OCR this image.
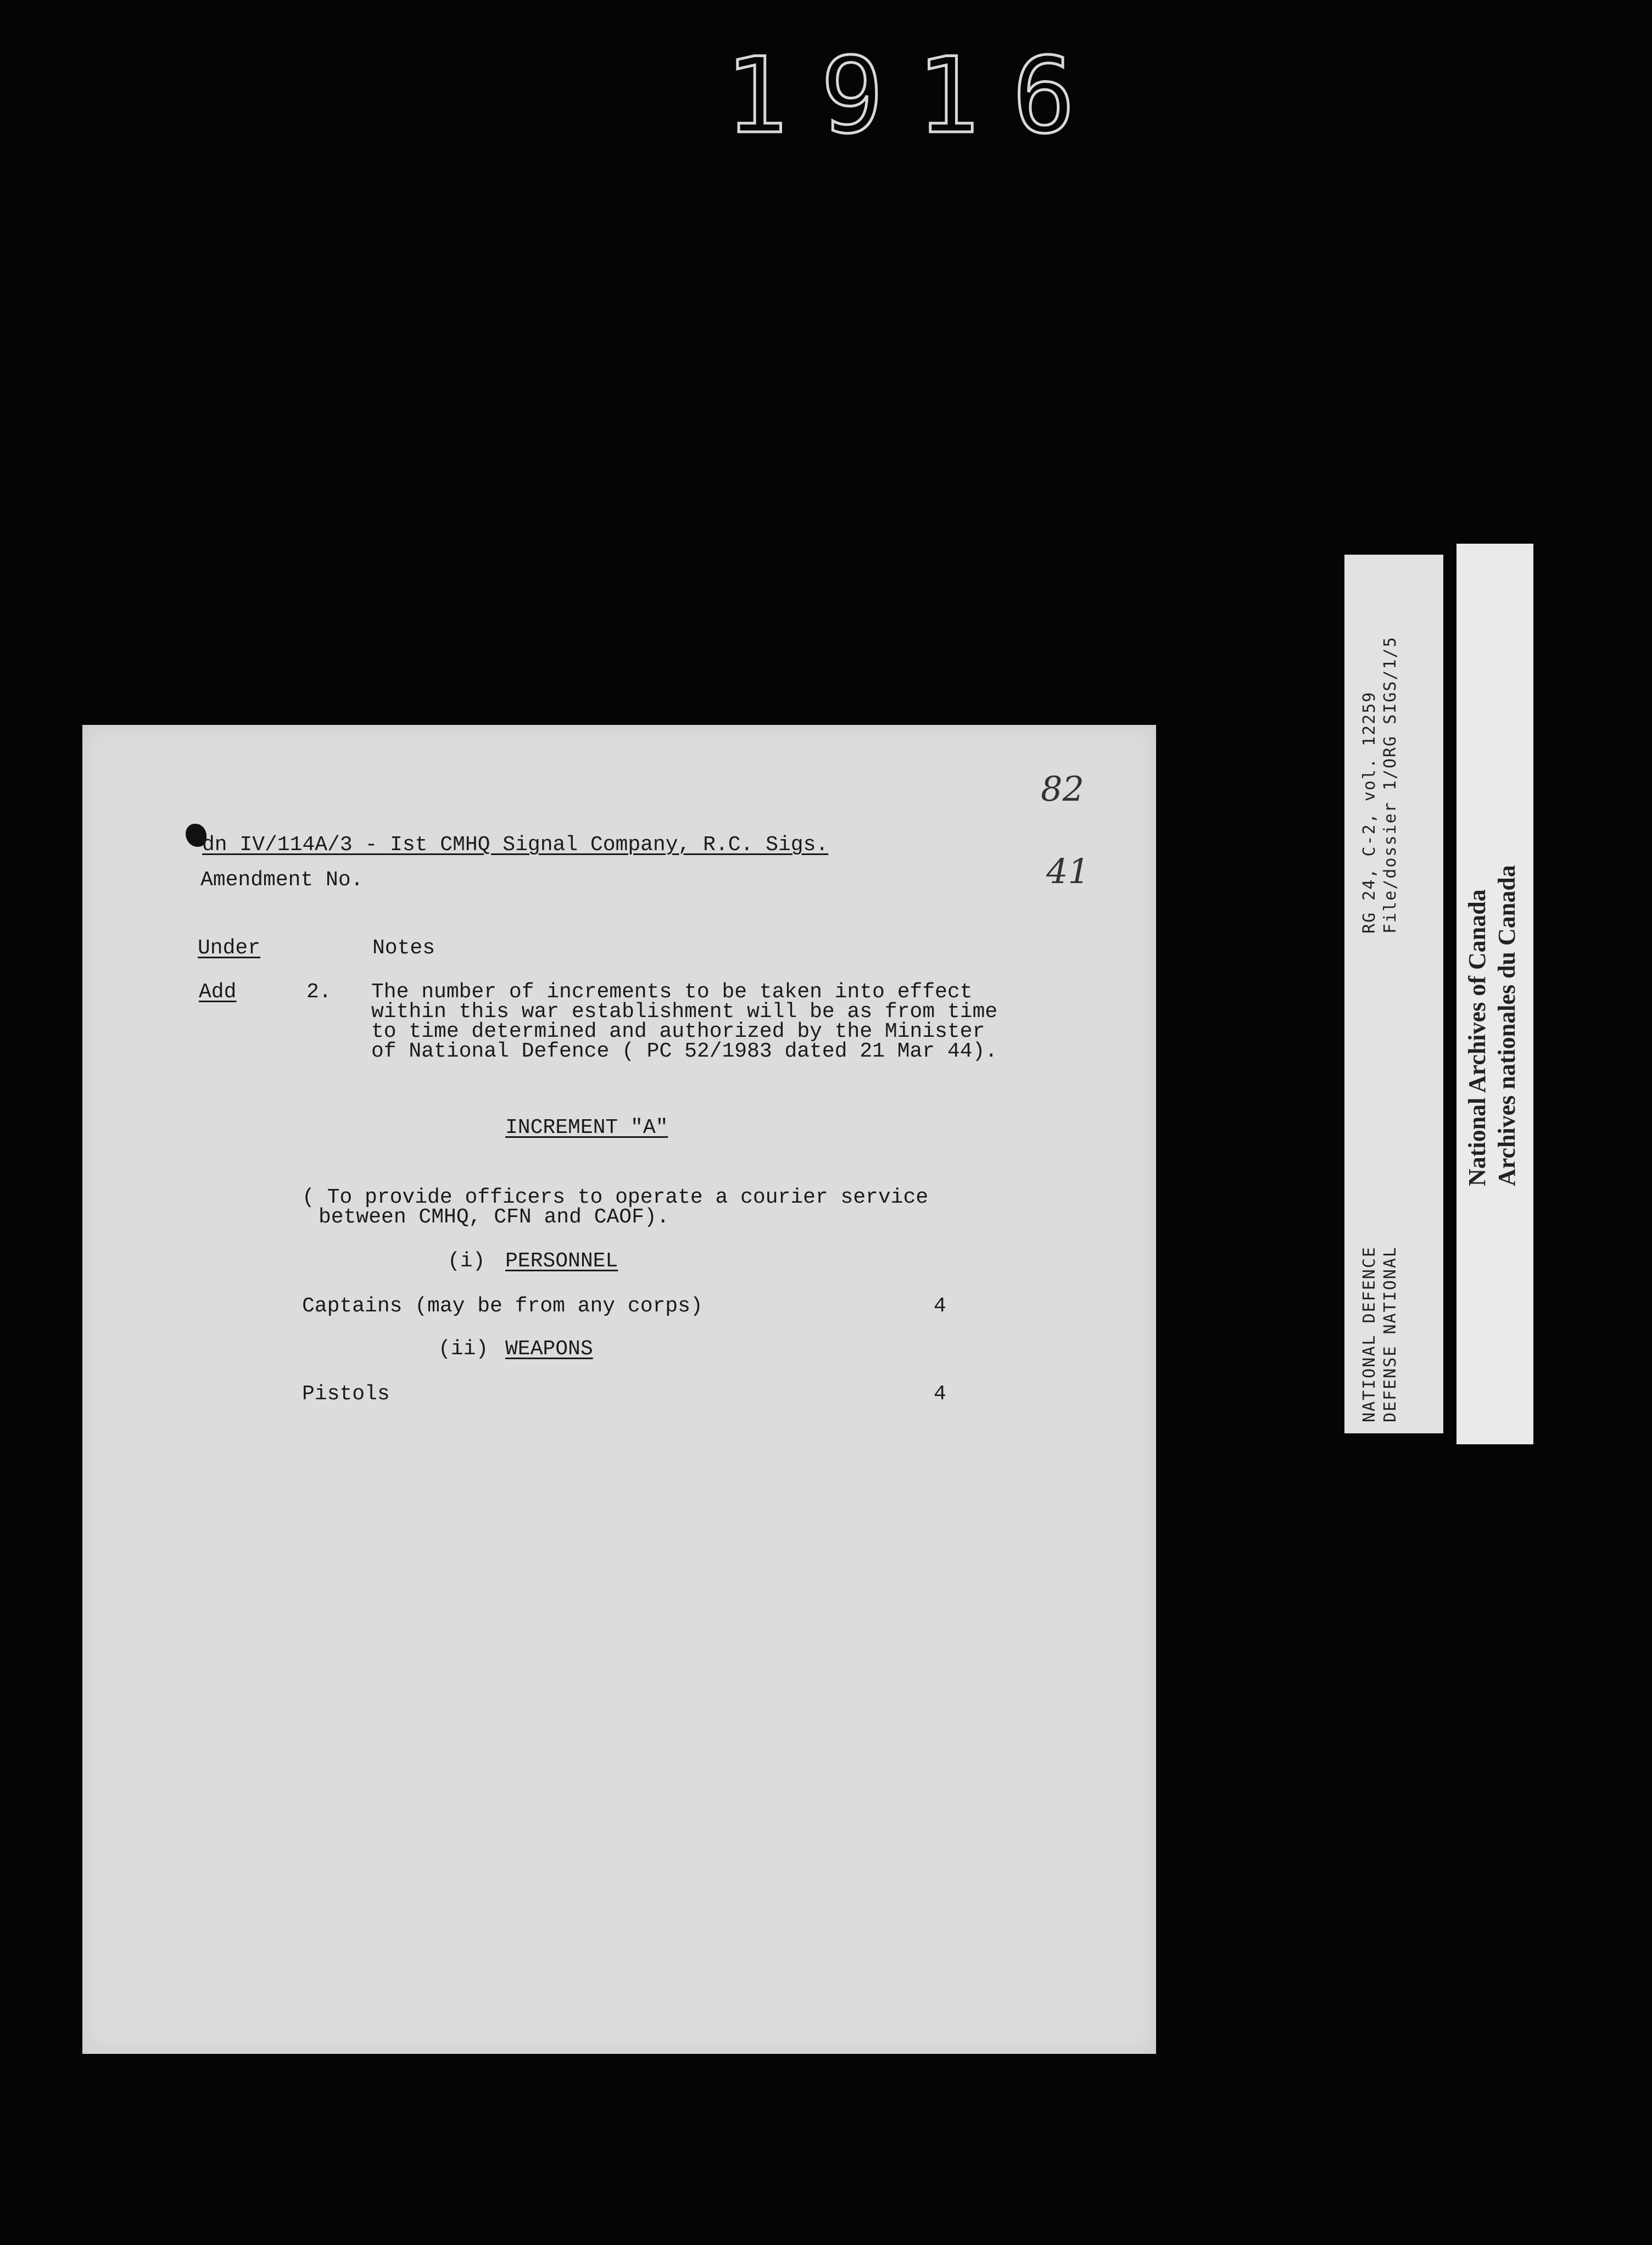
1916
82
41
dn IV/114A/3 - Ist CMHQ Signal Company, R.C. Sigs.
Amendment No.
Under	Notes
Add	2. The number of increments to be taken into effect
within this war establishment will be as from time
to time determined and authorized by the Minister
of National Defence ( PC 52/1983 dated 21 Mar 44).
INCREMENT "A"
( To provide officers to operate a courier service
between CMHQ, CFN and CAOF).
(i) PERSONNEL
Captains (may be from any corps)	4
(ii) WEAPONS
Pistols	4
RG 24, C-2, vol. 12259 File/dossier 1/ORG SIGS/1/5
NATIONAL DEFENCE DEFENSE NATIONAL
National Archives of Canada Archives nationales du Canada
